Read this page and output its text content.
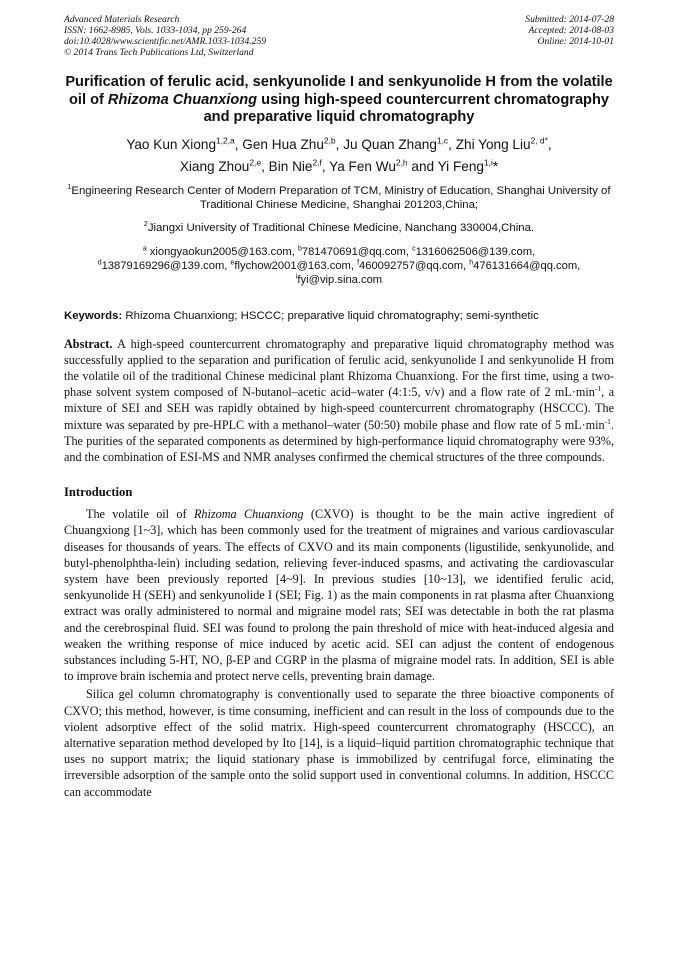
Advanced Materials Research
ISSN: 1662-8985, Vols. 1033-1034, pp 259-264
doi:10.4028/www.scientific.net/AMR.1033-1034.259
© 2014 Trans Tech Publications Ltd, Switzerland
Submitted: 2014-07-28
Accepted: 2014-08-03
Online: 2014-10-01
Purification of ferulic acid, senkyunolide I and senkyunolide H from the volatile oil of Rhizoma Chuanxiong using high-speed countercurrent chromatography and preparative liquid chromatography
Yao Kun Xiong$^{1,2,a}$, Gen Hua Zhu$^{2,b}$, Ju Quan Zhang$^{1,c}$, Zhi Yong Liu$^{2, d*}$,
Xiang Zhou$^{2,e}$, Bin Nie$^{2,f}$, Ya Fen Wu$^{2,h}$ and Yi Feng$^{1,i}$*
$^1$Engineering Research Center of Modern Preparation of TCM, Ministry of Education, Shanghai University of Traditional Chinese Medicine, Shanghai 201203,China;
$^2$Jiangxi University of Traditional Chinese Medicine, Nanchang 330004,China.
$^a$ xiongyaokun2005@163.com, $^b$781470691@qq.com, $^c$1316062506@139.com,
$^d$13879169296@139.com, $^e$flychow2001@163.com, $^f$460092757@qq.com, $^h$476131664@qq.com,
$^i$fyi@vip.sina.com
Keywords: Rhizoma Chuanxiong; HSCCC; preparative liquid chromatography; semi-synthetic
Abstract. A high-speed countercurrent chromatography and preparative liquid chromatography method was successfully applied to the separation and purification of ferulic acid, senkyunolide I and senkyunolide H from the volatile oil of the traditional Chinese medicinal plant Rhizoma Chuanxiong. For the first time, using a two-phase solvent system composed of N-butanol–acetic acid–water (4:1:5, v/v) and a flow rate of 2 $mL\cdot\min^{-1}$, a mixture of SEI and SEH was rapidly obtained by high-speed countercurrent chromatography (HSCCC). The mixture was separated by pre-HPLC with a methanol–water (50:50) mobile phase and flow rate of 5 $mL\cdot\min^{-1}$. The purities of the separated components as determined by high-performance liquid chromatography were 93%, and the combination of ESI-MS and NMR analyses confirmed the chemical structures of the three compounds.
Introduction
The volatile oil of Rhizoma Chuanxiong (CXVO) is thought to be the main active ingredient of Chuangxiong [1~3], which has been commonly used for the treatment of migraines and various cardiovascular diseases for thousands of years. The effects of CXVO and its main components (ligustilide, senkyunolide, and butyl-phenolphtha-lein) including sedation, relieving fever-induced spasms, and activating the cardiovascular system have been previously reported [4~9]. In previous studies [10~13], we identified ferulic acid, senkyunolide H (SEH) and senkyunolide I (SEI; Fig. 1) as the main components in rat plasma after Chuanxiong extract was orally administered to normal and migraine model rats; SEI was detectable in both the rat plasma and the cerebrospinal fluid. SEI was found to prolong the pain threshold of mice with heat-induced algesia and weaken the writhing response of mice induced by acetic acid. SEI can adjust the content of endogenous substances including 5-HT, NO, β-EP and CGRP in the plasma of migraine model rats. In addition, SEI is able to improve brain ischemia and protect nerve cells, preventing brain damage.
Silica gel column chromatography is conventionally used to separate the three bioactive components of CXVO; this method, however, is time consuming, inefficient and can result in the loss of compounds due to the violent adsorptive effect of the solid matrix. High-speed countercurrent chromatography (HSCCC), an alternative separation method developed by Ito [14], is a liquid–liquid partition chromatographic technique that uses no support matrix; the liquid stationary phase is immobilized by centrifugal force, eliminating the irreversible adsorption of the sample onto the solid support used in conventional columns. In addition, HSCCC can accommodate
